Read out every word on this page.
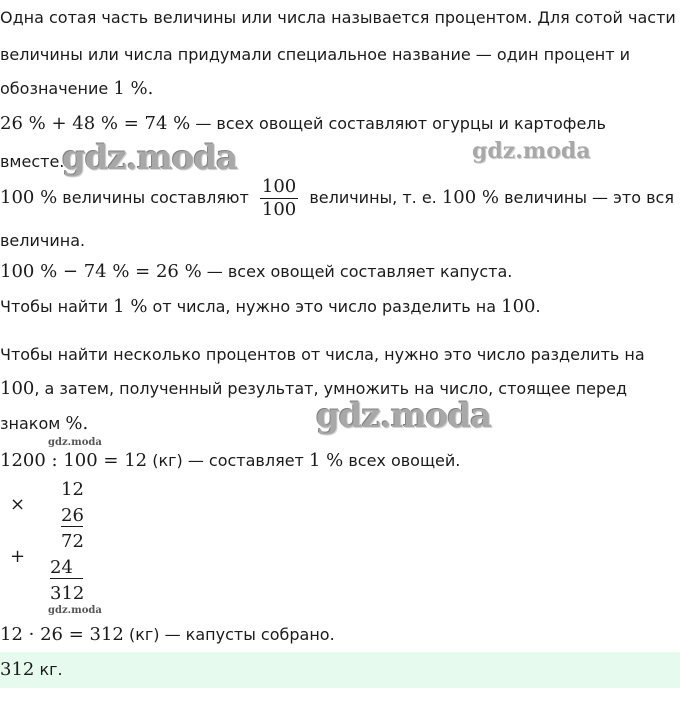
Одна сотая часть величины или числа называется процентом. Для сотой части
величины или числа придумали специальное название — один процент и
обозначение 1 %.
26 % + 48 % = 74 % — всех овощей составляют огурцы и картофель
вместе.
gdz.moda	gdz.moda
100 % величины составляют $\frac{100}{100}$ величины, т. е. 100 % величины — это вся
величина.
100 % − 74 % = 26 % — всех овощей составляет капуста.
Чтобы найти 1 % от числа, нужно это число разделить на 100.
Чтобы найти несколько процентов от числа, нужно это число разделить на
100, а затем, полученный результат, умножить на число, стоящее перед
знаком %.	gdz.moda
gdz.moda
1200 : 100 = 12 (кг) — составляет 1 % всех овощей.
×
12
26
72
+
24
312
gdz.moda
12 · 26 = 312 (кг) — капусты собрано.
312 кг.
